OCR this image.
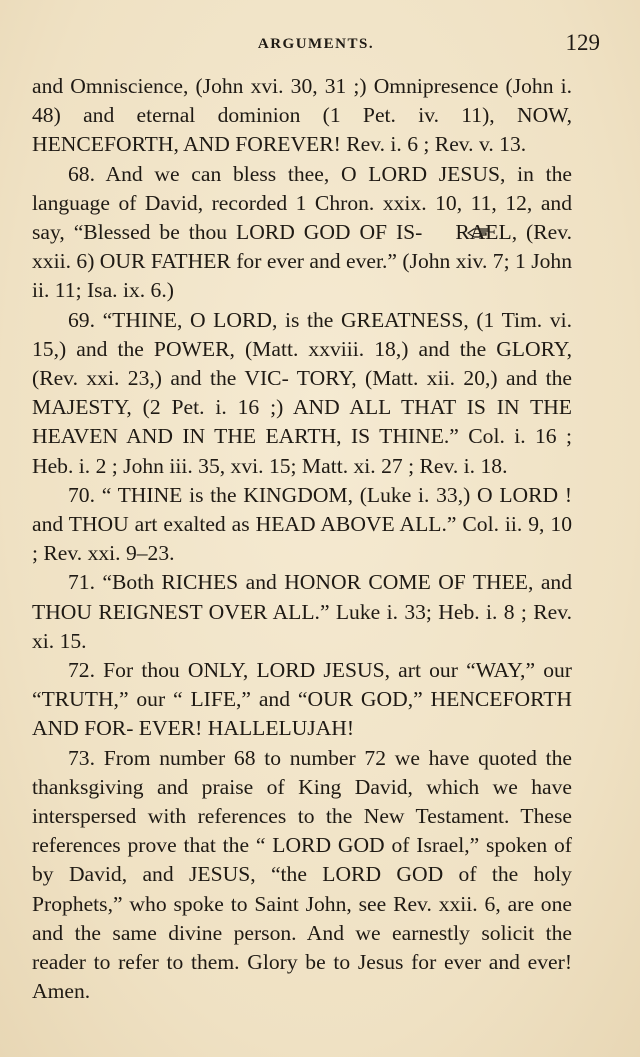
ARGUMENTS.	129

and Omniscience, (John xvi. 30, 31 ;) Omnipresence (John i. 48) and eternal dominion (1 Pet. iv. 11), NOW, HENCEFORTH, AND FOREVER! Rev. i. 6 ; Rev. v. 13.

68. And we can bless thee, O LORD JESUS, in the language of David, recorded 1 Chron. xxix. 10, 11, 12, and say, “Blessed be thou LORD GOD OF IS- RAEL, (Rev. xxii. 6) OUR FATHER for ever and ever.” (John xiv. 7; 1 John ii. 11; Isa. ix. 6.)

69. “THINE, O LORD, is the GREATNESS, (1 Tim. vi. 15,) and the POWER, (Matt. xxviii. 18,) and the GLORY, (Rev. xxi. 23,) and the VIC- TORY, (Matt. xii. 20,) and the MAJESTY, (2 Pet. i. 16 ;) AND ALL THAT IS IN THE HEAVEN AND IN THE EARTH, IS THINE.” Col. i. 16 ; Heb. i. 2 ; John iii. 35, xvi. 15; Matt. xi. 27 ; Rev. i. 18.

70. “ THINE is the KINGDOM, (Luke i. 33,) O LORD ! and THOU art exalted as HEAD ABOVE ALL.” Col. ii. 9, 10 ; Rev. xxi. 9–23.

71. “Both RICHES and HONOR COME OF THEE, and THOU REIGNEST OVER ALL.” Luke i. 33; Heb. i. 8 ; Rev. xi. 15.

72. For thou ONLY, LORD JESUS, art our “WAY,” our “TRUTH,” our “ LIFE,” and “OUR GOD,” HENCEFORTH AND FOR- EVER! HALLELUJAH!

73. From number 68 to number 72 we have quoted the thanksgiving and praise of King David, which we have interspersed with references to the New Testament. These references prove that the “ LORD GOD of Israel,” spoken of by David, and JESUS, “the LORD GOD of the holy Prophets,” who spoke to Saint John, see Rev. xxii. 6, are one and the same divine person. And we earnestly solicit the reader to refer to them. Glory be to Jesus for ever and ever! Amen.
